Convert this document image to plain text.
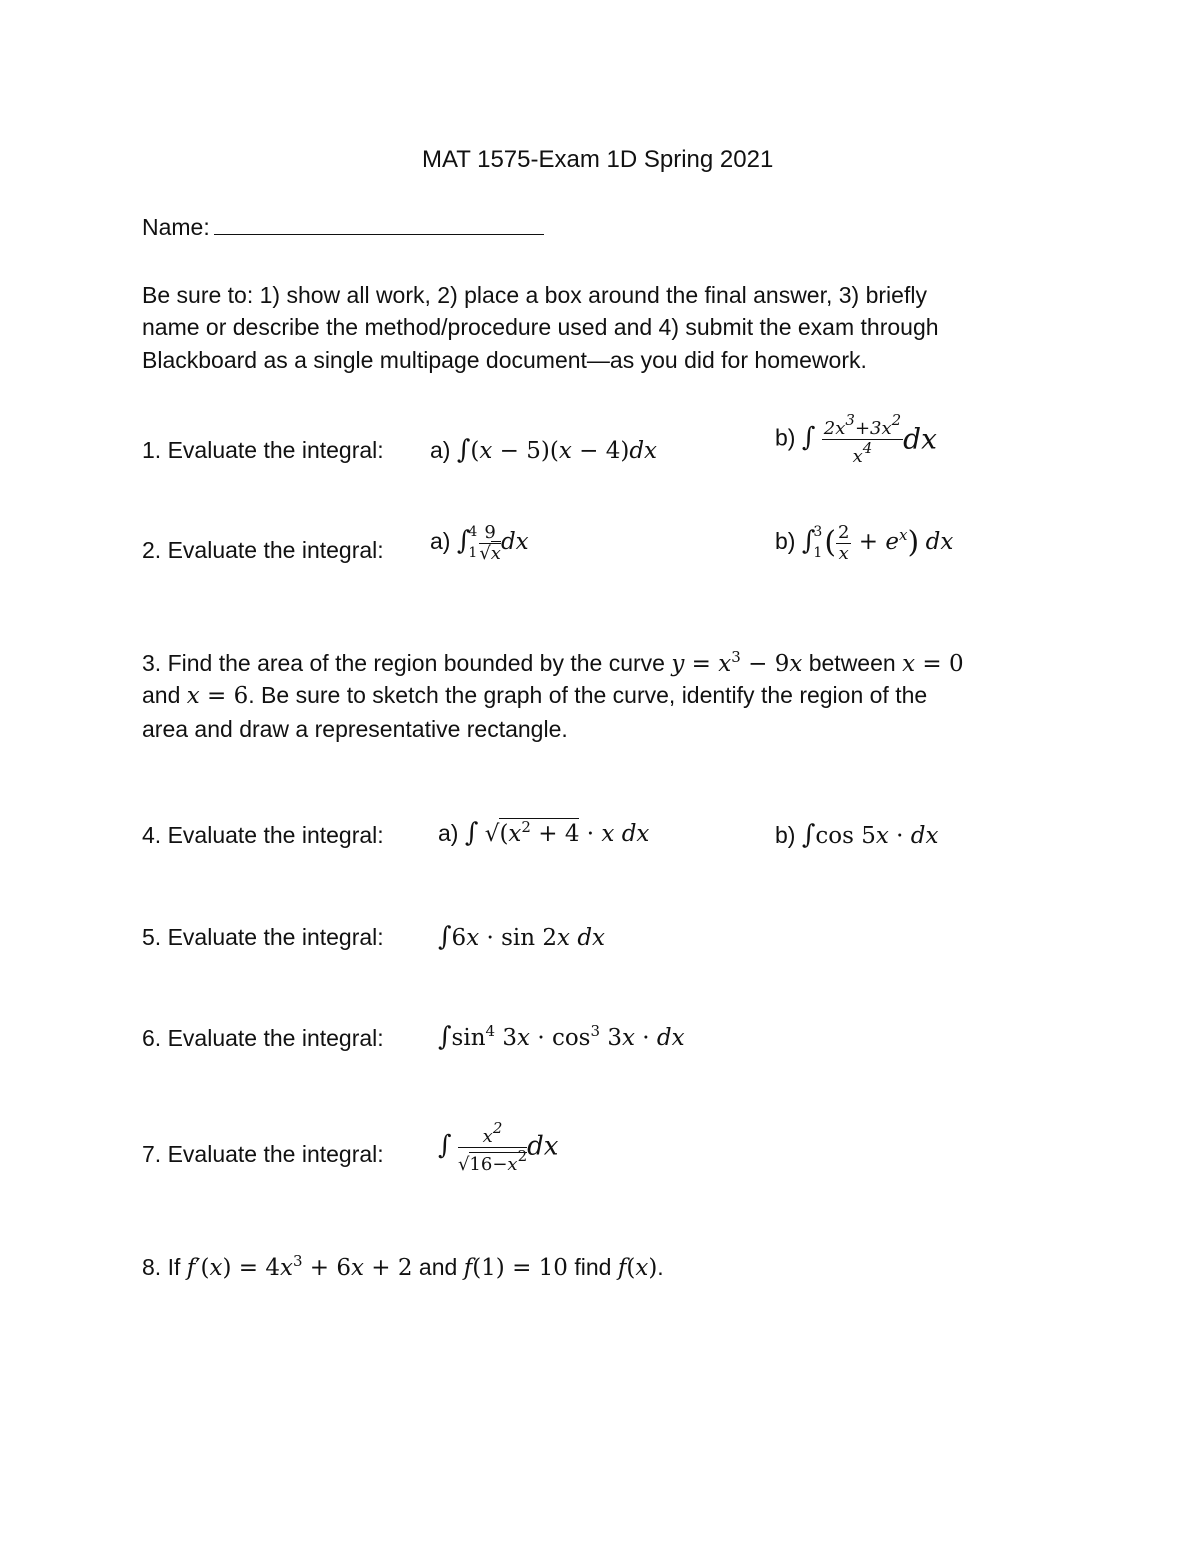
MAT 1575-Exam 1D Spring 2021
Name:
Be sure to: 1) show all work, 2) place a box around the final answer, 3) briefly
name or describe the method/procedure used and 4) submit the exam through
Blackboard as a single multipage document—as you did for homework.
1. Evaluate the integral: a) ∫(x − 5)(x − 4)dx
b) ∫ $\frac{2x^3+3x^2}{x^4}$ dx
2. Evaluate the integral: a) ∫
4
$1 \frac{9}{√x}$ dx	b) ∫
3
1 ( $\frac{2}{x} + e^x$) dx
3. Find the area of the region bounded by the curve $y = x^3 - 9x$ between x = 0
and x = 6. Be sure to sketch the graph of the curve, identify the region of the
area and draw a representative rectangle.
4. Evaluate the integral: a) ∫ $√(x^2 + 4 \cdot x$ dx	b) ∫cos 5x · dx
5. Evaluate the integral: ∫6x · sin 2x dx
6. Evaluate the integral: $\int\sin^4$ $3x \cdot \cos^3 3x$ · dx
7. Evaluate the integral: ∫ $\frac{x^2}{√16-x^2}$ dx
8. If $f'(x) = 4x^3 + 6x + 2$ and f(1) = 10 find f(x).
